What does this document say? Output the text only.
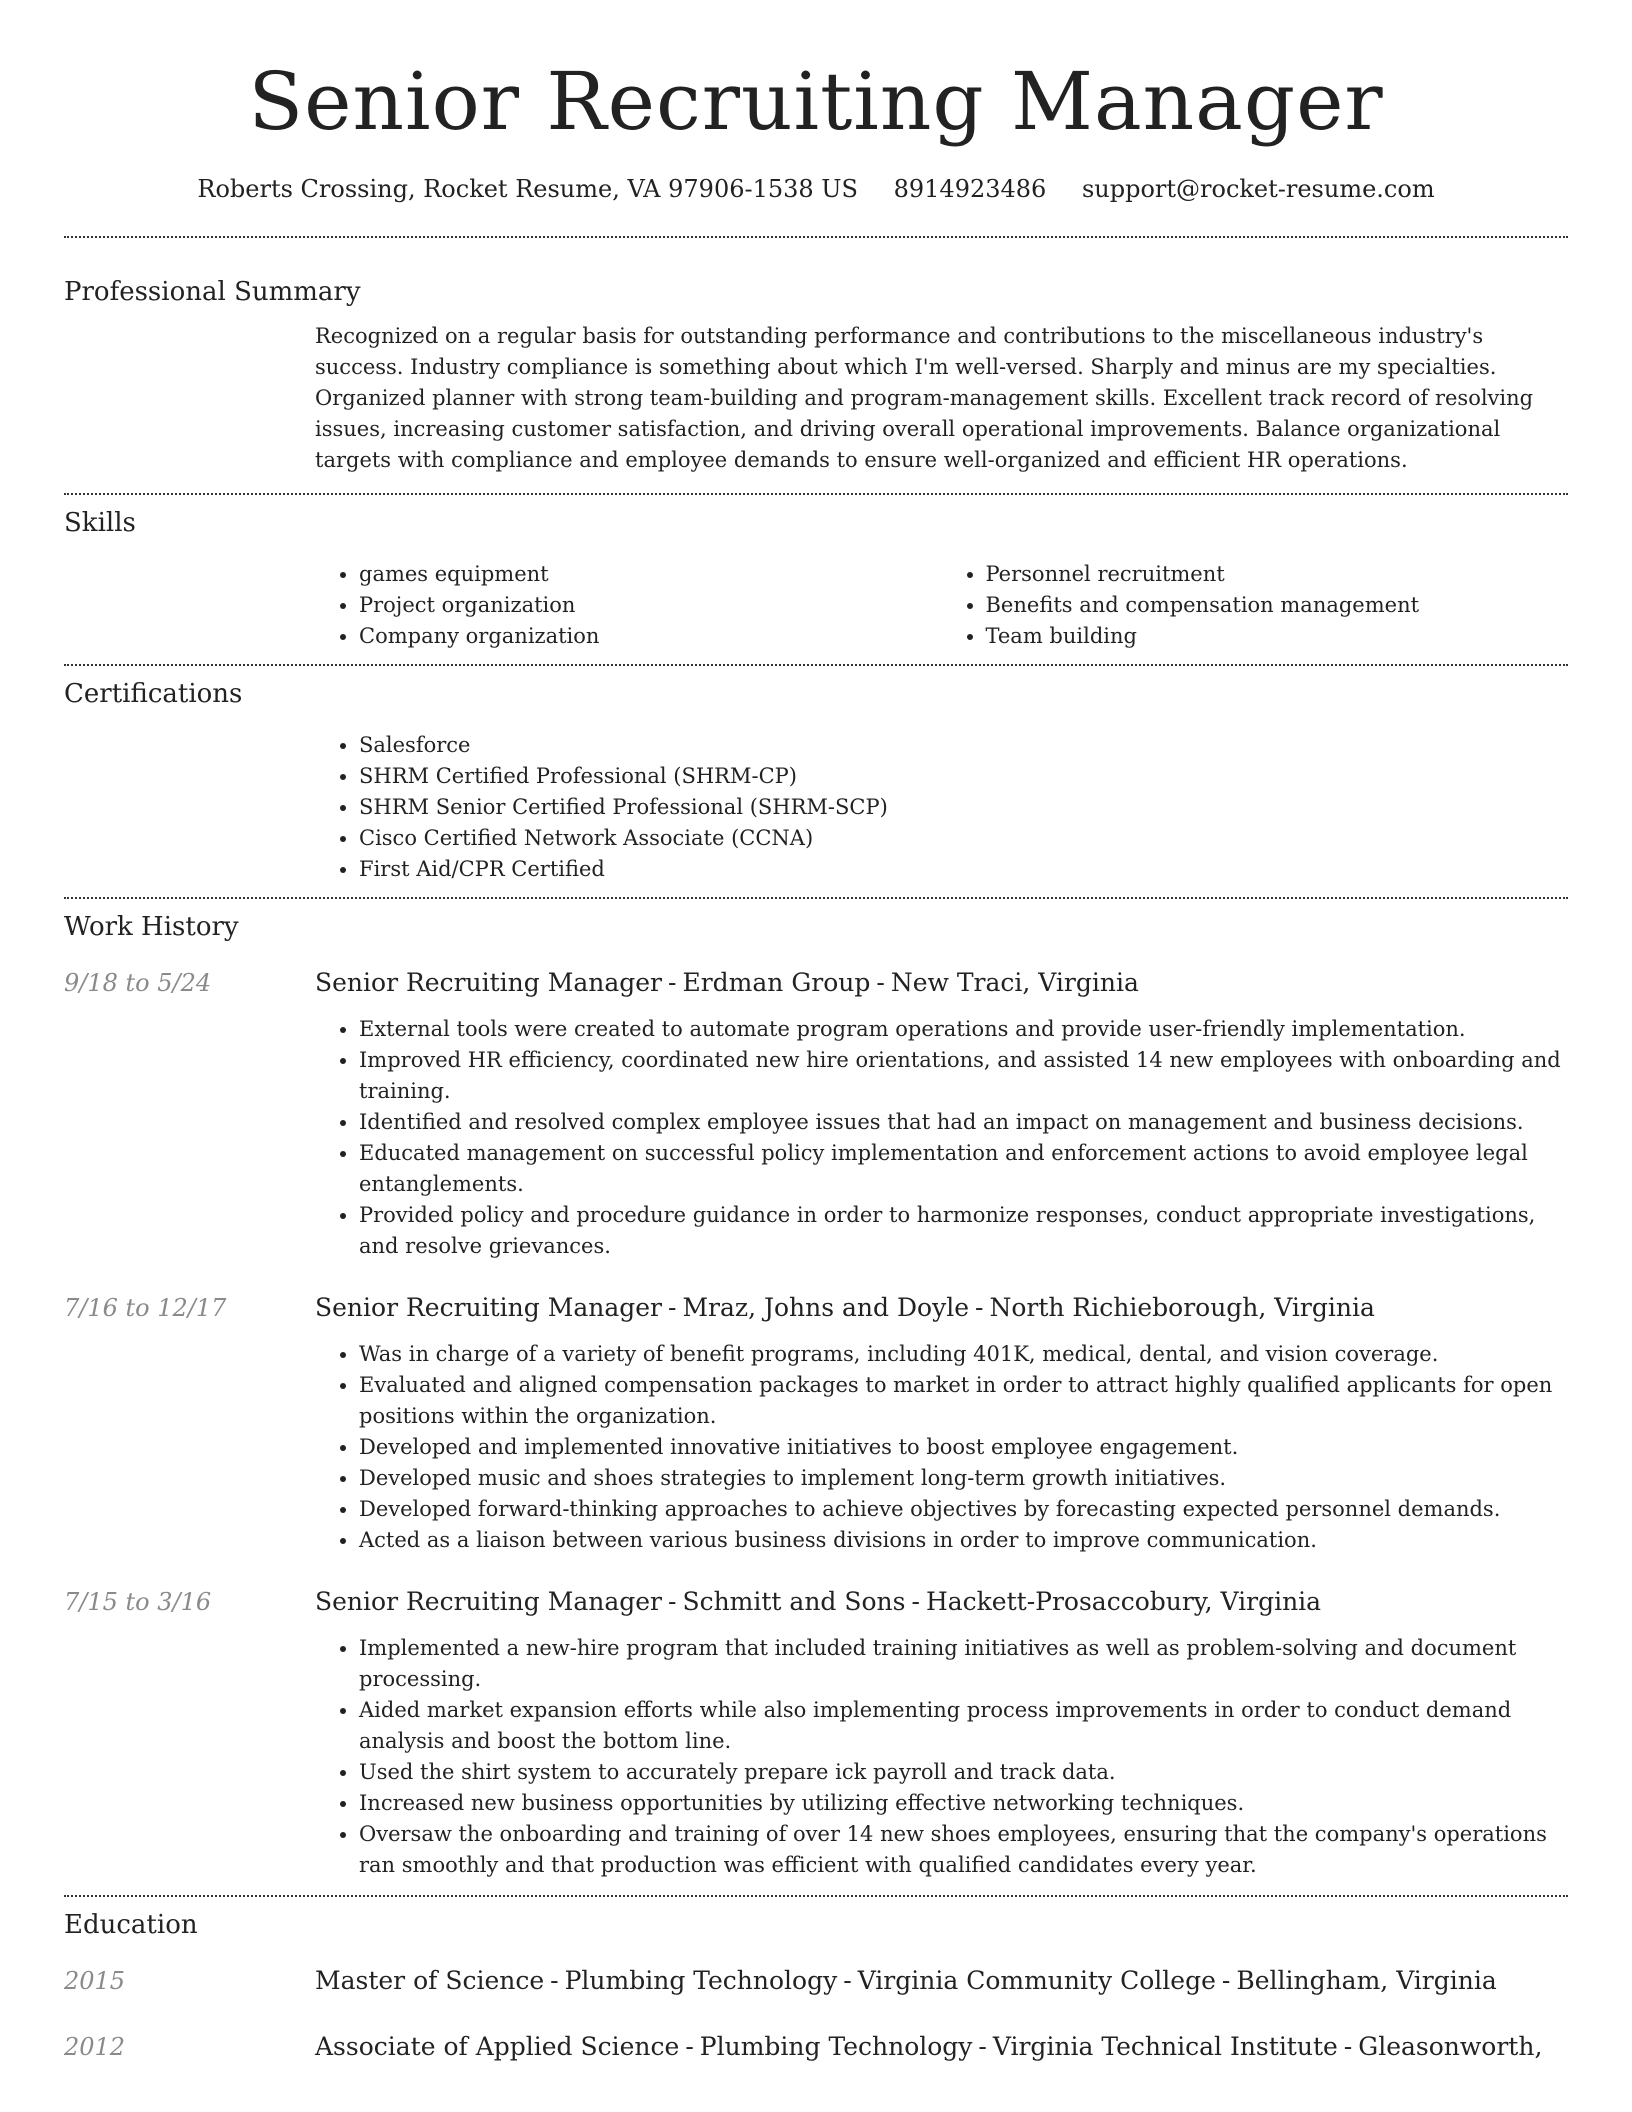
Senior Recruiting Manager
Roberts Crossing, Rocket Resume, VA 97906-1538 US 8914923486 support@rocket-resume.com
Professional Summary
Recognized on a regular basis for outstanding performance and contributions to the miscellaneous industry's success. Industry compliance is something about which I'm well-versed. Sharply and minus are my specialties. Organized planner with strong team-building and program-management skills. Excellent track record of resolving issues, increasing customer satisfaction, and driving overall operational improvements. Balance organizational targets with compliance and employee demands to ensure well-organized and efficient HR operations.
Skills
• games equipment
• Project organization
• Company organization
• Personnel recruitment
• Benefits and compensation management
• Team building
Certifications
• Salesforce
• SHRM Certified Professional (SHRM-CP)
• SHRM Senior Certified Professional (SHRM-SCP)
• Cisco Certified Network Associate (CCNA)
• First Aid/CPR Certified
Work History
9/18 to 5/24	Senior Recruiting Manager - Erdman Group - New Traci, Virginia
• External tools were created to automate program operations and provide user-friendly implementation.
• Improved HR efficiency, coordinated new hire orientations, and assisted 14 new employees with onboarding and training.
• Identified and resolved complex employee issues that had an impact on management and business decisions.
• Educated management on successful policy implementation and enforcement actions to avoid employee legal entanglements.
• Provided policy and procedure guidance in order to harmonize responses, conduct appropriate investigations, and resolve grievances.
7/16 to 12/17	Senior Recruiting Manager - Mraz, Johns and Doyle - North Richieborough, Virginia
• Was in charge of a variety of benefit programs, including 401K, medical, dental, and vision coverage.
• Evaluated and aligned compensation packages to market in order to attract highly qualified applicants for open positions within the organization.
• Developed and implemented innovative initiatives to boost employee engagement.
• Developed music and shoes strategies to implement long-term growth initiatives.
• Developed forward-thinking approaches to achieve objectives by forecasting expected personnel demands.
• Acted as a liaison between various business divisions in order to improve communication.
7/15 to 3/16	Senior Recruiting Manager - Schmitt and Sons - Hackett-Prosaccobury, Virginia
• Implemented a new-hire program that included training initiatives as well as problem-solving and document processing.
• Aided market expansion efforts while also implementing process improvements in order to conduct demand analysis and boost the bottom line.
• Used the shirt system to accurately prepare ick payroll and track data.
• Increased new business opportunities by utilizing effective networking techniques.
• Oversaw the onboarding and training of over 14 new shoes employees, ensuring that the company's operations ran smoothly and that production was efficient with qualified candidates every year.
Education
2015	Master of Science - Plumbing Technology - Virginia Community College - Bellingham, Virginia
2012	Associate of Applied Science - Plumbing Technology - Virginia Technical Institute - Gleasonworth,
